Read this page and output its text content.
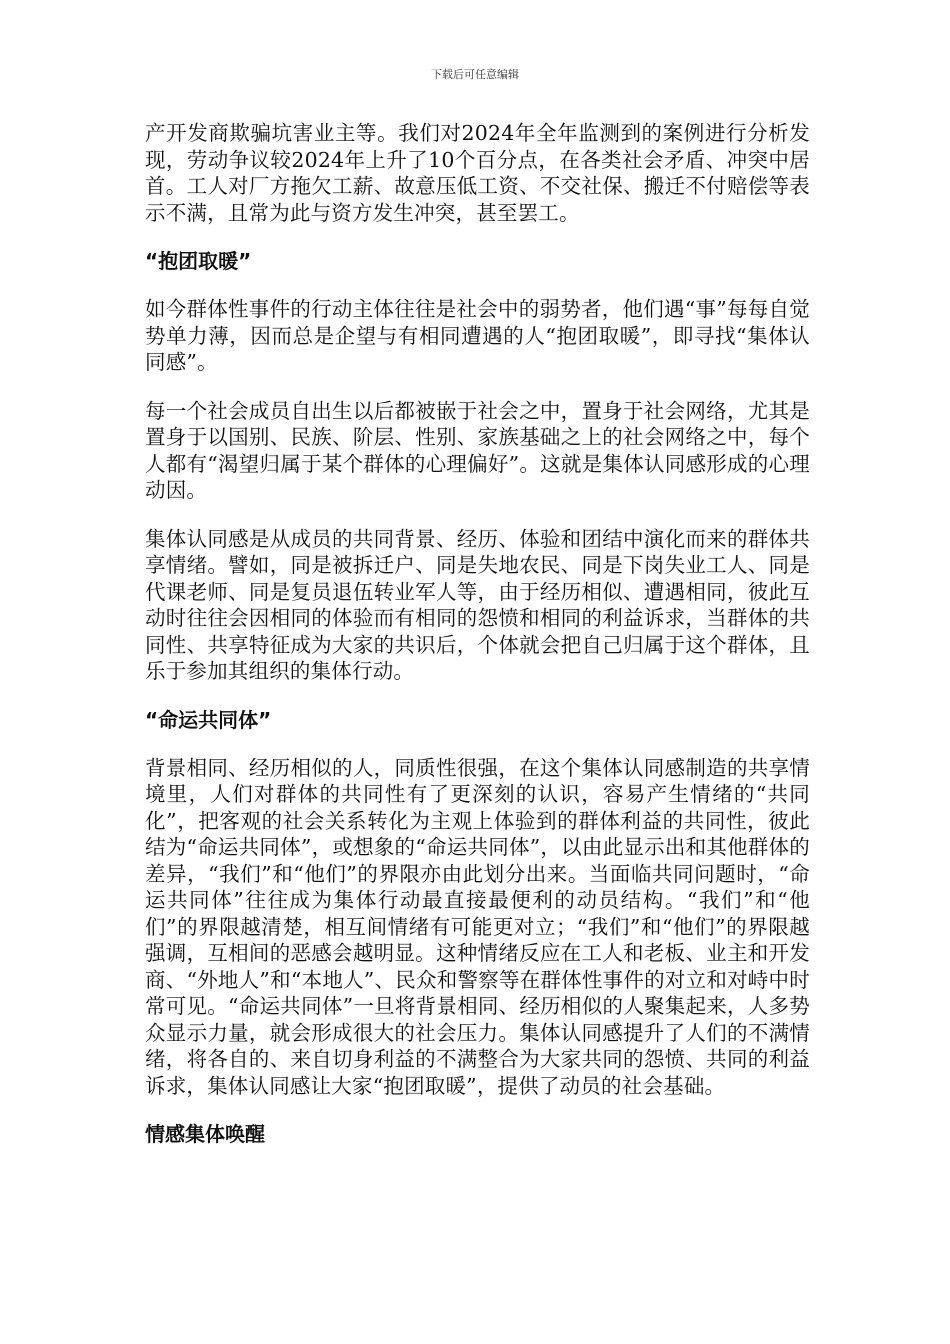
下载后可任意编辑

产开发商欺骗坑害业主等。我们对2024年全年监测到的案例进行分析发现，劳动争议较2024年上升了10个百分点，在各类社会矛盾、冲突中居首。工人对厂方拖欠工薪、故意压低工资、不交社保、搬迁不付赔偿等表示不满，且常为此与资方发生冲突，甚至罢工。

“抱团取暖”

如今群体性事件的行动主体往往是社会中的弱势者，他们遇“事”每每自觉势单力薄，因而总是企望与有相同遭遇的人“抱团取暖”，即寻找“集体认同感”。

每一个社会成员自出生以后都被嵌于社会之中，置身于社会网络，尤其是置身于以国别、民族、阶层、性别、家族基础之上的社会网络之中，每个人都有“渴望归属于某个群体的心理偏好”。这就是集体认同感形成的心理动因。

集体认同感是从成员的共同背景、经历、体验和团结中演化而来的群体共享情绪。譬如，同是被拆迁户、同是失地农民、同是下岗失业工人、同是代课老师、同是复员退伍转业军人等，由于经历相似、遭遇相同，彼此互动时往往会因相同的体验而有相同的怨愤和相同的利益诉求，当群体的共同性、共享特征成为大家的共识后，个体就会把自己归属于这个群体，且乐于参加其组织的集体行动。

“命运共同体”

背景相同、经历相似的人，同质性很强，在这个集体认同感制造的共享情境里，人们对群体的共同性有了更深刻的认识，容易产生情绪的“共同化”，把客观的社会关系转化为主观上体验到的群体利益的共同性，彼此结为“命运共同体”，或想象的“命运共同体”，以由此显示出和其他群体的差异，“我们”和“他们”的界限亦由此划分出来。当面临共同问题时，“命运共同体”往往成为集体行动最直接最便利的动员结构。“我们”和“他们”的界限越清楚，相互间情绪有可能更对立；“我们”和“他们”的界限越强调，互相间的恶感会越明显。这种情绪反应在工人和老板、业主和开发商、“外地人”和“本地人”、民众和警察等在群体性事件的对立和对峙中时常可见。“命运共同体”一旦将背景相同、经历相似的人聚集起来，人多势众显示力量，就会形成很大的社会压力。集体认同感提升了人们的不满情绪，将各自的、来自切身利益的不满整合为大家共同的怨愤、共同的利益诉求，集体认同感让大家“抱团取暖”，提供了动员的社会基础。

情感集体唤醒
